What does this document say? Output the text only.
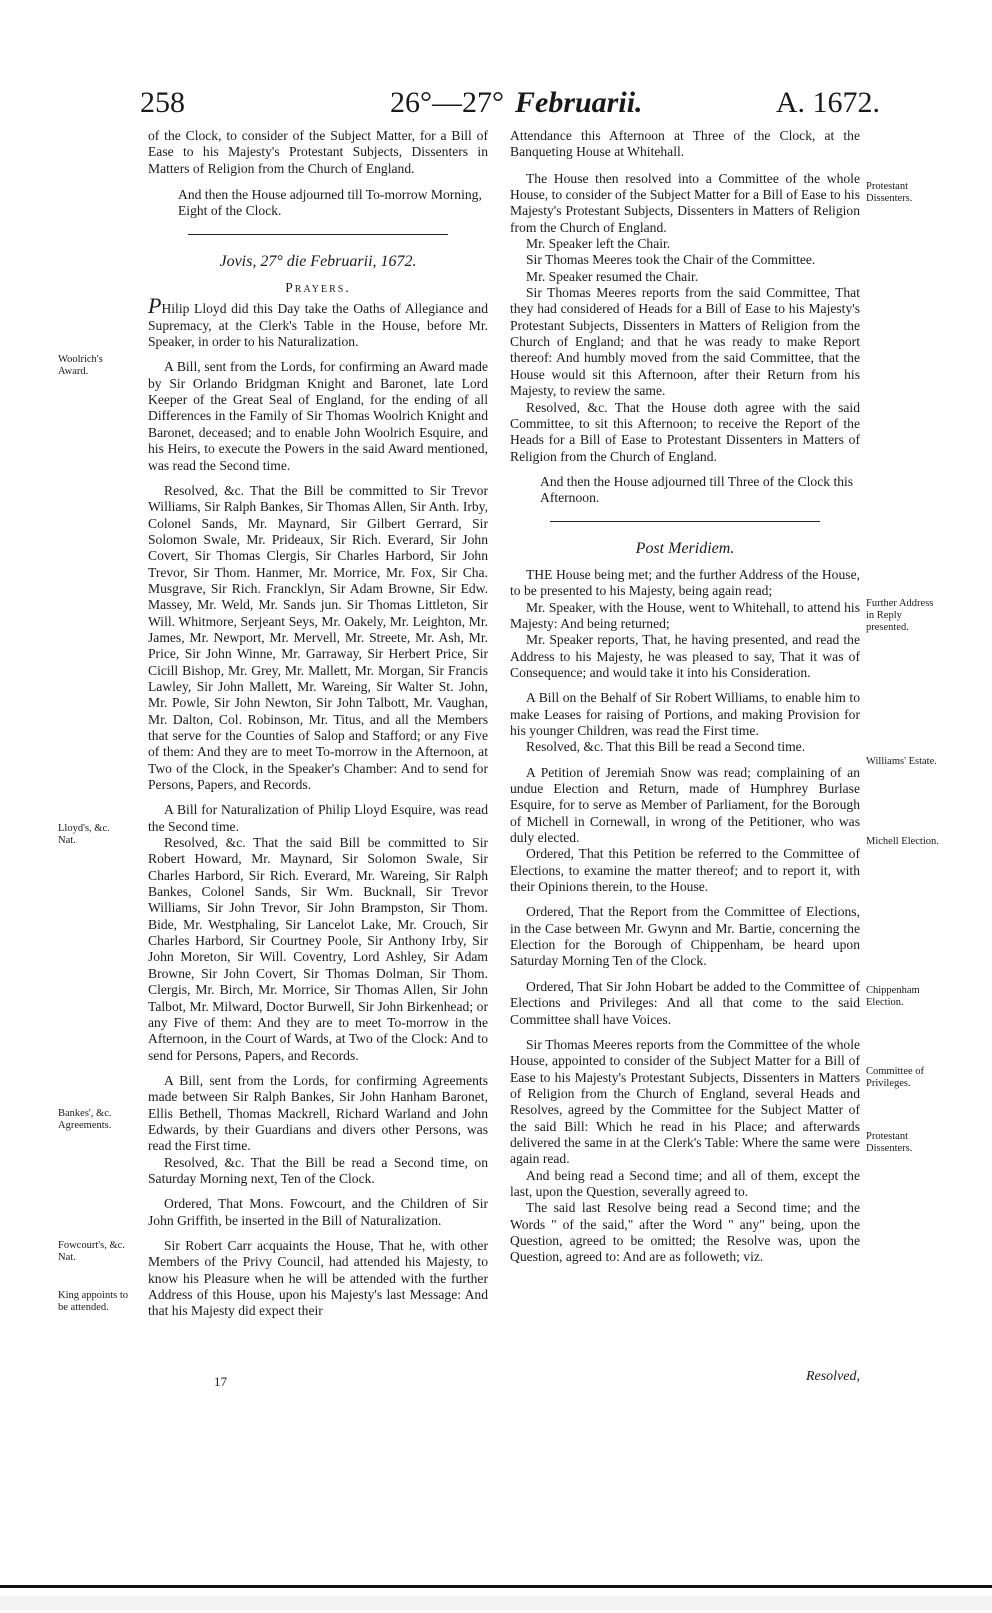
258	26°—27° Februarii.	A. 1672.

of the Clock, to consider of the Subject Matter, for a Bill of Ease to his Majesty's Protestant Subjects, Dissenters in Matters of Religion from the Church of England.

And then the House adjourned till To-morrow Morning, Eight of the Clock.

Jovis, 27° die Februarii, 1672.
Prayers.

PHilip Lloyd did this Day take the Oaths of Allegiance and Supremacy, at the Clerk's Table in the House, before Mr. Speaker, in order to his Naturalization.

A Bill, sent from the Lords, for confirming an Award made by Sir Orlando Bridgman Knight and Baronet, late Lord Keeper of the Great Seal of England, for the ending of all Differences in the Family of Sir Thomas Woolrich Knight and Baronet, deceased; and to enable John Woolrich Esquire, and his Heirs, to execute the Powers in the said Award mentioned, was read the Second time.

Resolved, &c. That the Bill be committed to Sir Trevor Williams, Sir Ralph Bankes, Sir Thomas Allen, Sir Anth. Irby, Colonel Sands, Mr. Maynard, Sir Gilbert Gerrard, Sir Solomon Swale, Mr. Prideaux, Sir Rich. Everard, Sir John Covert, Sir Thomas Clergis, Sir Charles Harbord, Sir John Trevor, Sir Thom. Hanmer, Mr. Morrice, Mr. Fox, Sir Cha. Musgrave, Sir Rich. Francklyn, Sir Adam Browne, Sir Edw. Massey, Mr. Weld, Mr. Sands jun. Sir Thomas Littleton, Sir Will. Whitmore, Serjeant Seys, Mr. Oakely, Mr. Leighton, Mr. James, Mr. Newport, Mr. Mervell, Mr. Streete, Mr. Ash, Mr. Price, Sir John Winne, Mr. Garraway, Sir Herbert Price, Sir Cicill Bishop, Mr. Grey, Mr. Mallett, Mr. Morgan, Sir Francis Lawley, Sir John Mallett, Mr. Wareing, Sir Walter St. John, Mr. Powle, Sir John Newton, Sir John Talbott, Mr. Vaughan, Mr. Dalton, Col. Robinson, Mr. Titus, and all the Members that serve for the Counties of Salop and Stafford; or any Five of them: And they are to meet To-morrow in the Afternoon, at Two of the Clock, in the Speaker's Chamber: And to send for Persons, Papers, and Records.

A Bill for Naturalization of Philip Lloyd Esquire, was read the Second time.

Resolved, &c. That the said Bill be committed to Sir Robert Howard, Mr. Maynard, Sir Solomon Swale, Sir Charles Harbord, Sir Rich. Everard, Mr. Wareing, Sir Ralph Bankes, Colonel Sands, Sir Wm. Bucknall, Sir Trevor Williams, Sir John Trevor, Sir John Brampston, Sir Thom. Bide, Mr. Westphaling, Sir Lancelot Lake, Mr. Crouch, Sir Charles Harbord, Sir Courtney Poole, Sir Anthony Irby, Sir John Moreton, Sir Will. Coventry, Lord Ashley, Sir Adam Browne, Sir John Covert, Sir Thomas Dolman, Sir Thom. Clergis, Mr. Birch, Mr. Morrice, Sir Thomas Allen, Sir John Talbot, Mr. Milward, Doctor Burwell, Sir John Birkenhead; or any Five of them: And they are to meet To-morrow in the Afternoon, in the Court of Wards, at Two of the Clock: And to send for Persons, Papers, and Records.

A Bill, sent from the Lords, for confirming Agreements made between Sir Ralph Bankes, Sir John Hanham Baronet, Ellis Bethell, Thomas Mackrell, Richard Warland and John Edwards, by their Guardians and divers other Persons, was read the First time.

Resolved, &c. That the Bill be read a Second time, on Saturday Morning next, Ten of the Clock.

Ordered, That Mons. Fowcourt, and the Children of Sir John Griffith, be inserted in the Bill of Naturalization.

Sir Robert Carr acquaints the House, That he, with other Members of the Privy Council, had attended his Majesty, to know his Pleasure when he will be attended with the further Address of this House, upon his Majesty's last Message: And that his Majesty did expect their

Attendance this Afternoon at Three of the Clock, at the Banqueting House at Whitehall.

The House then resolved into a Committee of the whole House, to consider of the Subject Matter for a Bill of Ease to his Majesty's Protestant Subjects, Dissenters in Matters of Religion from the Church of England.

Mr. Speaker left the Chair.

Sir Thomas Meeres took the Chair of the Committee.

Mr. Speaker resumed the Chair.

Sir Thomas Meeres reports from the said Committee, That they had considered of Heads for a Bill of Ease to his Majesty's Protestant Subjects, Dissenters in Matters of Religion from the Church of England; and that he was ready to make Report thereof: And humbly moved from the said Committee, that the House would sit this Afternoon, after their Return from his Majesty, to review the same.

Resolved, &c. That the House doth agree with the said Committee, to sit this Afternoon; to receive the Report of the Heads for a Bill of Ease to Protestant Dissenters in Matters of Religion from the Church of England.

And then the House adjourned till Three of the Clock this Afternoon.

Post Meridiem.

THE House being met; and the further Address of the House, to be presented to his Majesty, being again read;

Mr. Speaker, with the House, went to Whitehall, to attend his Majesty: And being returned;

Mr. Speaker reports, That, he having presented, and read the Address to his Majesty, he was pleased to say, That it was of Consequence; and would take it into his Consideration.

A Bill on the Behalf of Sir Robert Williams, to enable him to make Leases for raising of Portions, and making Provision for his younger Children, was read the First time.

Resolved, &c. That this Bill be read a Second time.

A Petition of Jeremiah Snow was read; complaining of an undue Election and Return, made of Humphrey Burlase Esquire, for to serve as Member of Parliament, for the Borough of Michell in Cornewall, in wrong of the Petitioner, who was duly elected.

Ordered, That this Petition be referred to the Committee of Elections, to examine the matter thereof; and to report it, with their Opinions therein, to the House.

Ordered, That the Report from the Committee of Elections, in the Case between Mr. Gwynn and Mr. Bartie, concerning the Election for the Borough of Chippenham, be heard upon Saturday Morning Ten of the Clock.

Ordered, That Sir John Hobart be added to the Committee of Elections and Privileges: And all that come to the said Committee shall have Voices.

Sir Thomas Meeres reports from the Committee of the whole House, appointed to consider of the Subject Matter for a Bill of Ease to his Majesty's Protestant Subjects, Dissenters in Matters of Religion from the Church of England, several Heads and Resolves, agreed by the Committee for the Subject Matter of the said Bill: Which he read in his Place; and afterwards delivered the same in at the Clerk's Table: Where the same were again read.

And being read a Second time; and all of them, except the last, upon the Question, severally agreed to.

The said last Resolve being read a Second time; and the Words " of the said," after the Word " any" being, upon the Question, agreed to be omitted; the Resolve was, upon the Question, agreed to: And are as followeth; viz.

Woolrich's Award.
Lloyd's, &c. Nat.
Bankes', &c. Agreements.
Fowcourt's, &c. Nat.
King appoints to be attended.
Protestant Dissenters.
Further Address in Reply presented.
Williams' Estate.
Michell Election.
Chippenham Election.
Committee of Privileges.
Protestant Dissenters.
17	Resolved,
